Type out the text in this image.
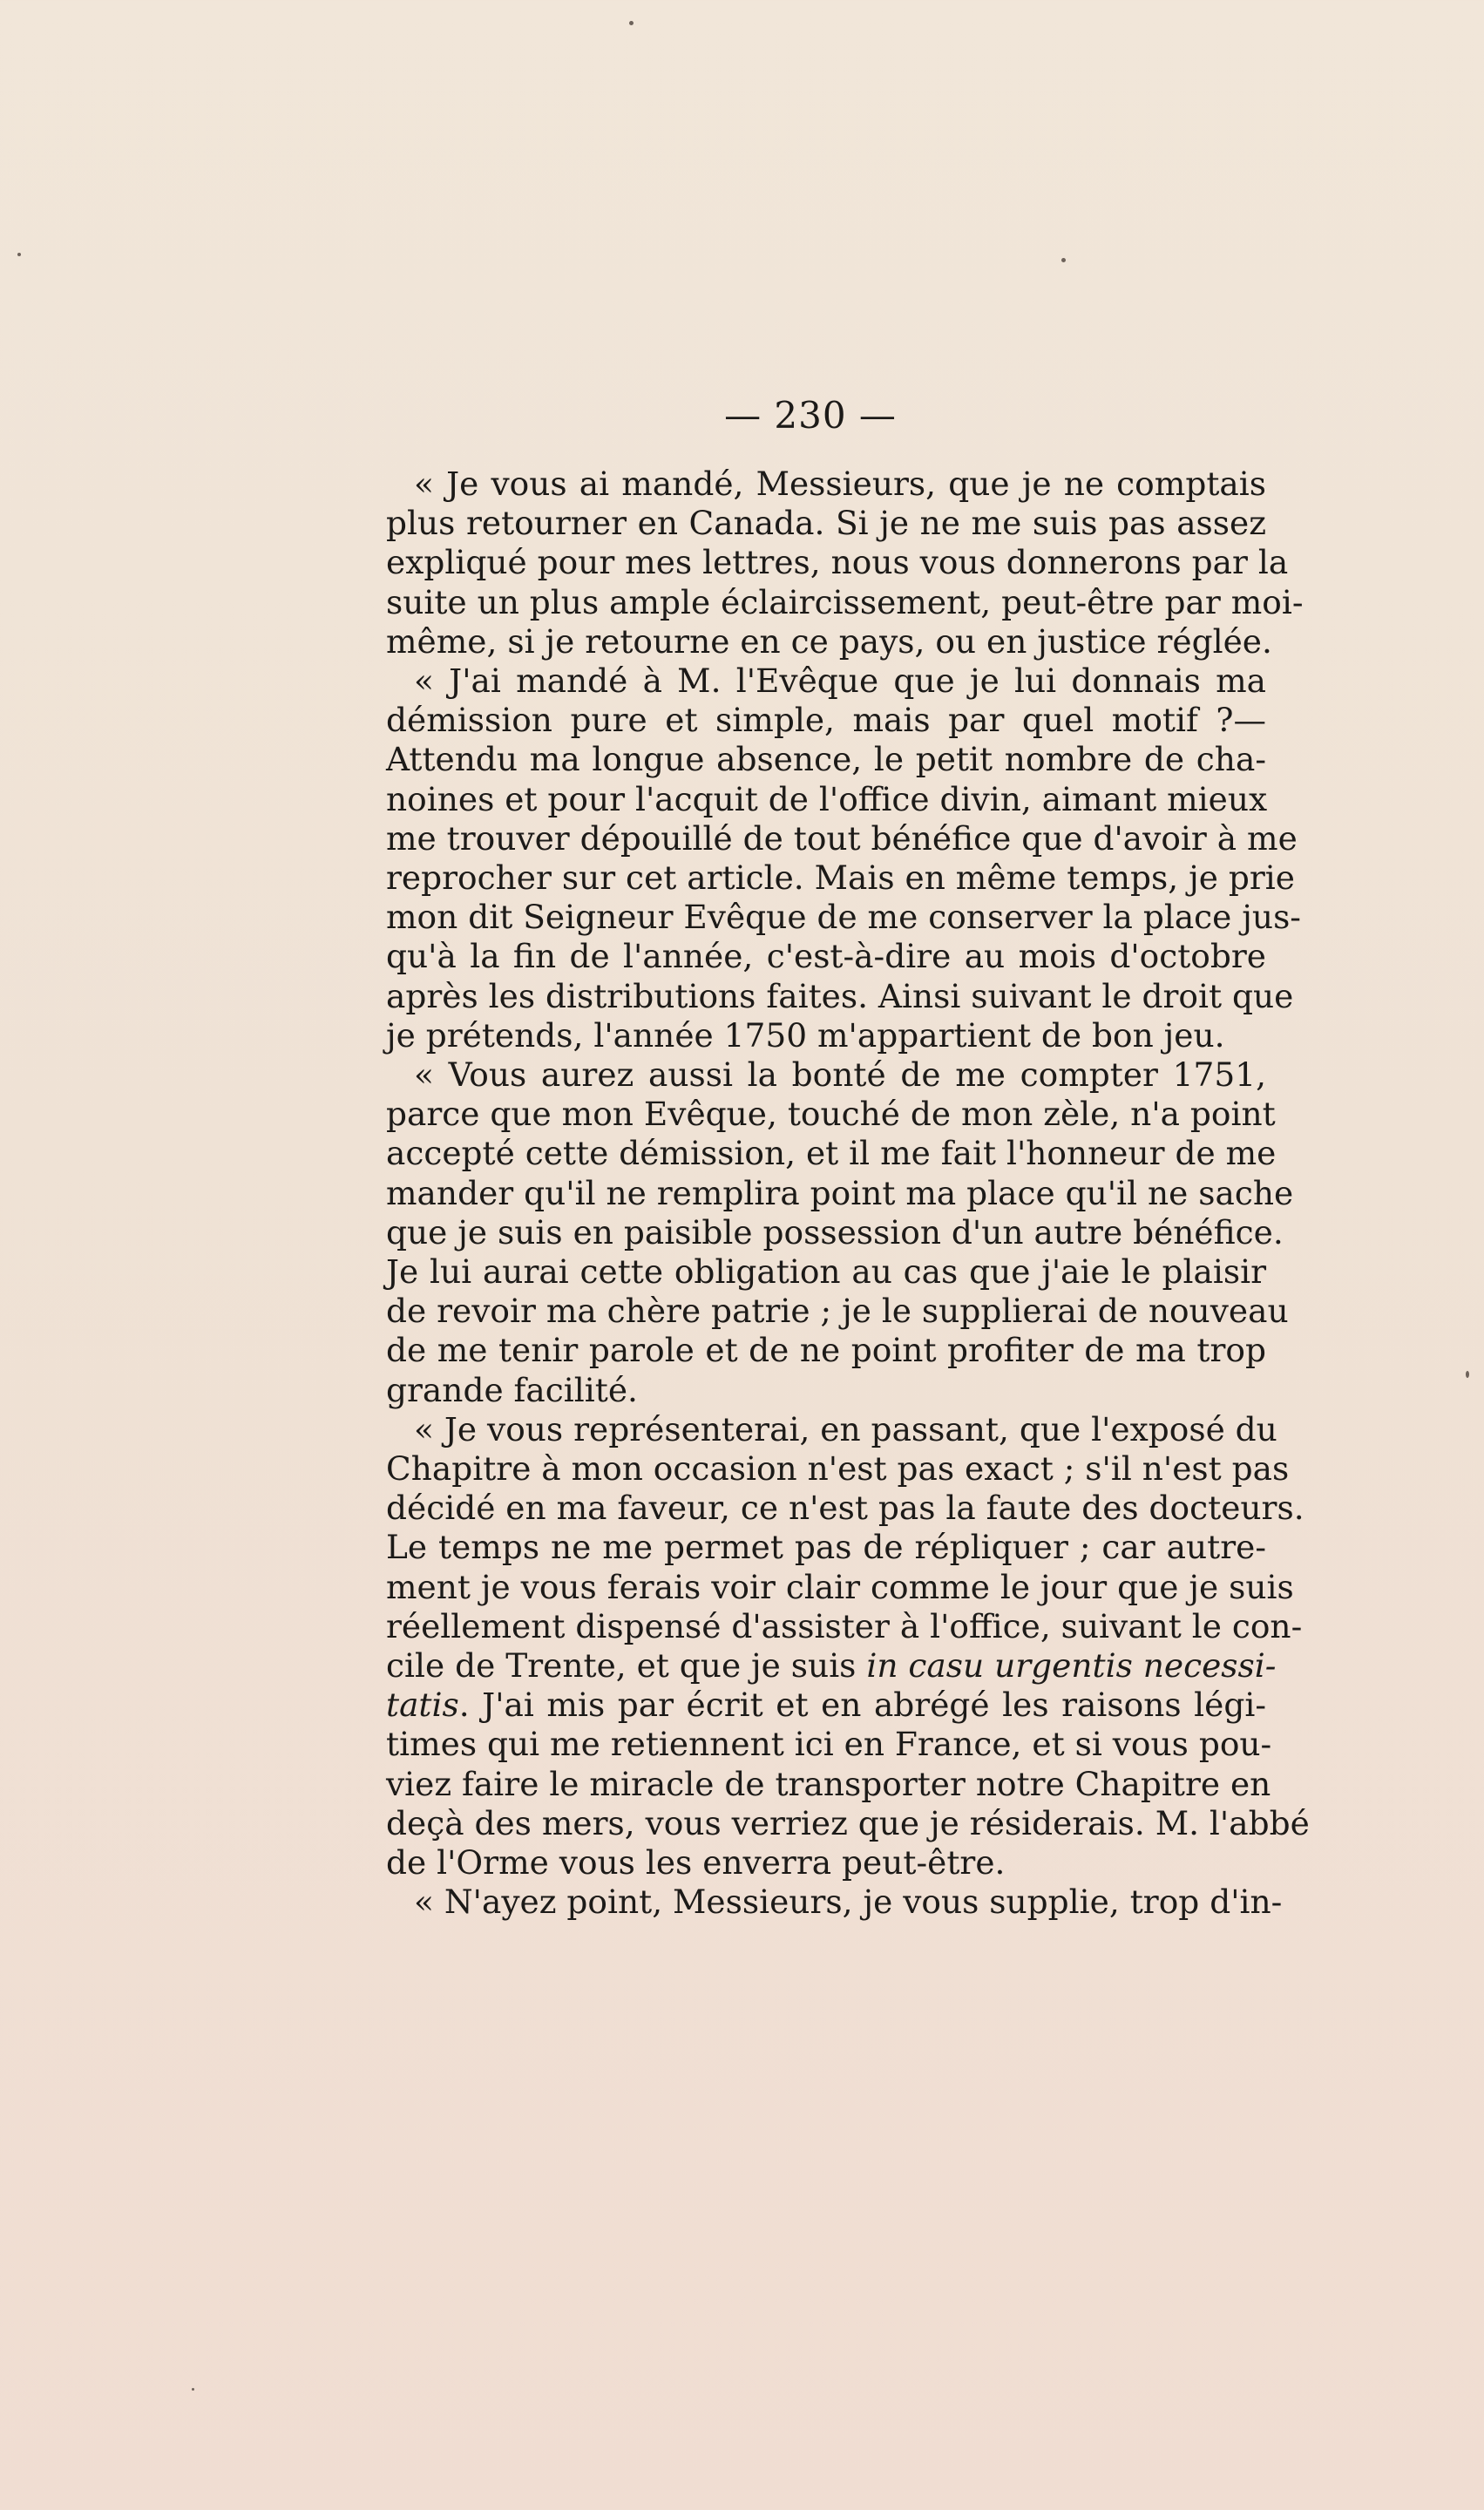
— 230 —
« Je vous ai mandé, Messieurs, que je ne comptais
plus retourner en Canada. Si je ne me suis pas assez
expliqué pour mes lettres, nous vous donnerons par la
suite un plus ample éclaircissement, peut-être par moi-
même, si je retourne en ce pays, ou en justice réglée.
« J'ai mandé à M. l'Evêque que je lui donnais ma
démission pure et simple, mais par quel motif ?—
Attendu ma longue absence, le petit nombre de cha-
noines et pour l'acquit de l'office divin, aimant mieux
me trouver dépouillé de tout bénéfice que d'avoir à me
reprocher sur cet article. Mais en même temps, je prie
mon dit Seigneur Evêque de me conserver la place jus-
qu'à la fin de l'année, c'est-à-dire au mois d'octobre
après les distributions faites. Ainsi suivant le droit que
je prétends, l'année 1750 m'appartient de bon jeu.
« Vous aurez aussi la bonté de me compter 1751,
parce que mon Evêque, touché de mon zèle, n'a point
accepté cette démission, et il me fait l'honneur de me
mander qu'il ne remplira point ma place qu'il ne sache
que je suis en paisible possession d'un autre bénéfice.
Je lui aurai cette obligation au cas que j'aie le plaisir
de revoir ma chère patrie ; je le supplierai de nouveau
de me tenir parole et de ne point profiter de ma trop
grande facilité.
« Je vous représenterai, en passant, que l'exposé du
Chapitre à mon occasion n'est pas exact ; s'il n'est pas
décidé en ma faveur, ce n'est pas la faute des docteurs.
Le temps ne me permet pas de répliquer ; car autre-
ment je vous ferais voir clair comme le jour que je suis
réellement dispensé d'assister à l'office, suivant le con-
cile de Trente, et que je suis in casu urgentis necessi-
tatis. J'ai mis par écrit et en abrégé les raisons légi-
times qui me retiennent ici en France, et si vous pou-
viez faire le miracle de transporter notre Chapitre en
deçà des mers, vous verriez que je résiderais. M. l'abbé
de l'Orme vous les enverra peut-être.
« N'ayez point, Messieurs, je vous supplie, trop d'in-
